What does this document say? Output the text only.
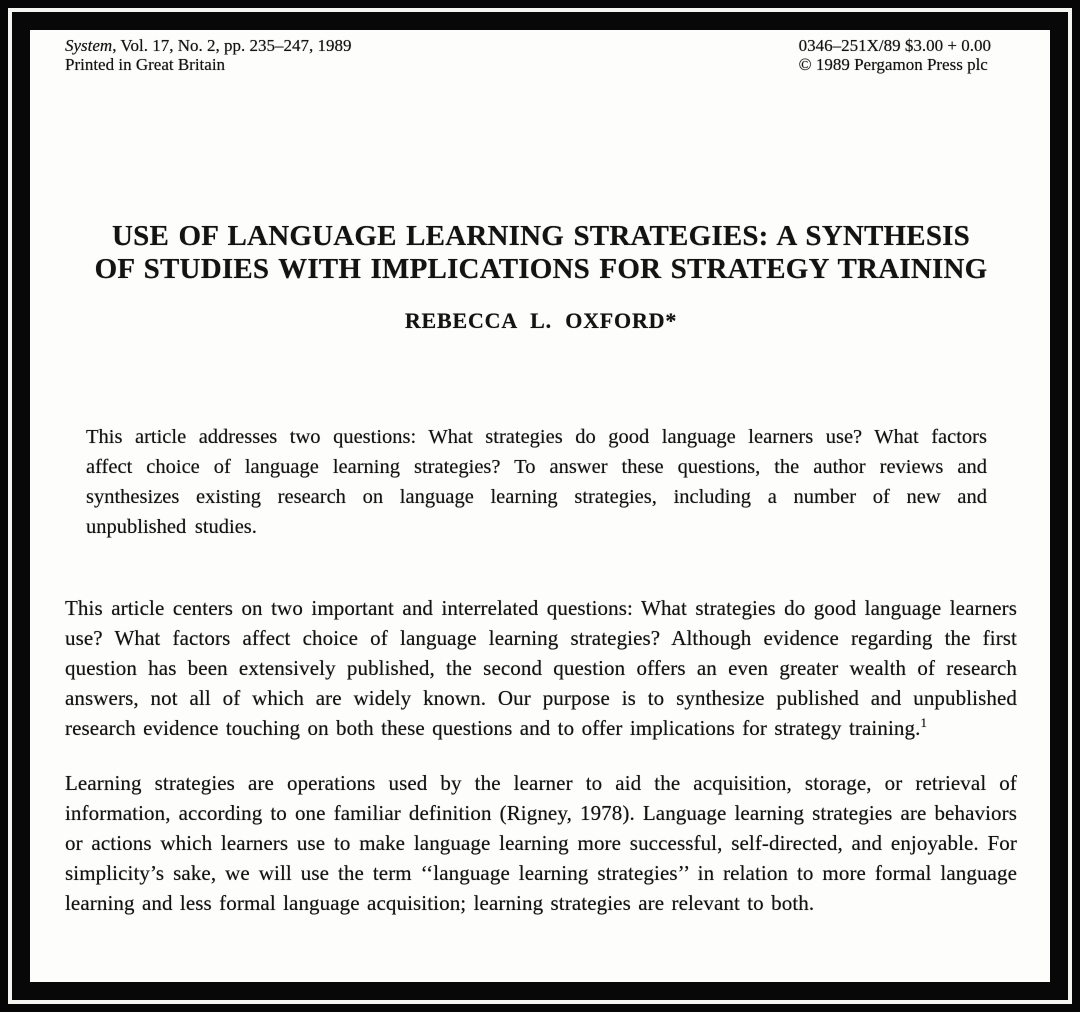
System, Vol. 17, No. 2, pp. 235–247, 1989
Printed in Great Britain
0346–251X/89 $3.00 + 0.00
© 1989 Pergamon Press plc
USE OF LANGUAGE LEARNING STRATEGIES: A SYNTHESIS
OF STUDIES WITH IMPLICATIONS FOR STRATEGY TRAINING
REBECCA L. OXFORD*

This article addresses two questions: What strategies do good language learners use? What factors affect choice of language learning strategies? To answer these questions, the author reviews and synthesizes existing research on language learning strategies, including a number of new and unpublished studies.

This article centers on two important and interrelated questions: What strategies do good language learners use? What factors affect choice of language learning strategies? Although evidence regarding the first question has been extensively published, the second question offers an even greater wealth of research answers, not all of which are widely known. Our purpose is to synthesize published and unpublished research evidence touching on both these questions and to offer implications for strategy training.$^1$

Learning strategies are operations used by the learner to aid the acquisition, storage, or retrieval of information, according to one familiar definition (Rigney, 1978). Language learning strategies are behaviors or actions which learners use to make language learning more successful, self-directed, and enjoyable. For simplicity’s sake, we will use the term ‘‘language learning strategies’’ in relation to more formal language learning and less formal language acquisition; learning strategies are relevant to both.
